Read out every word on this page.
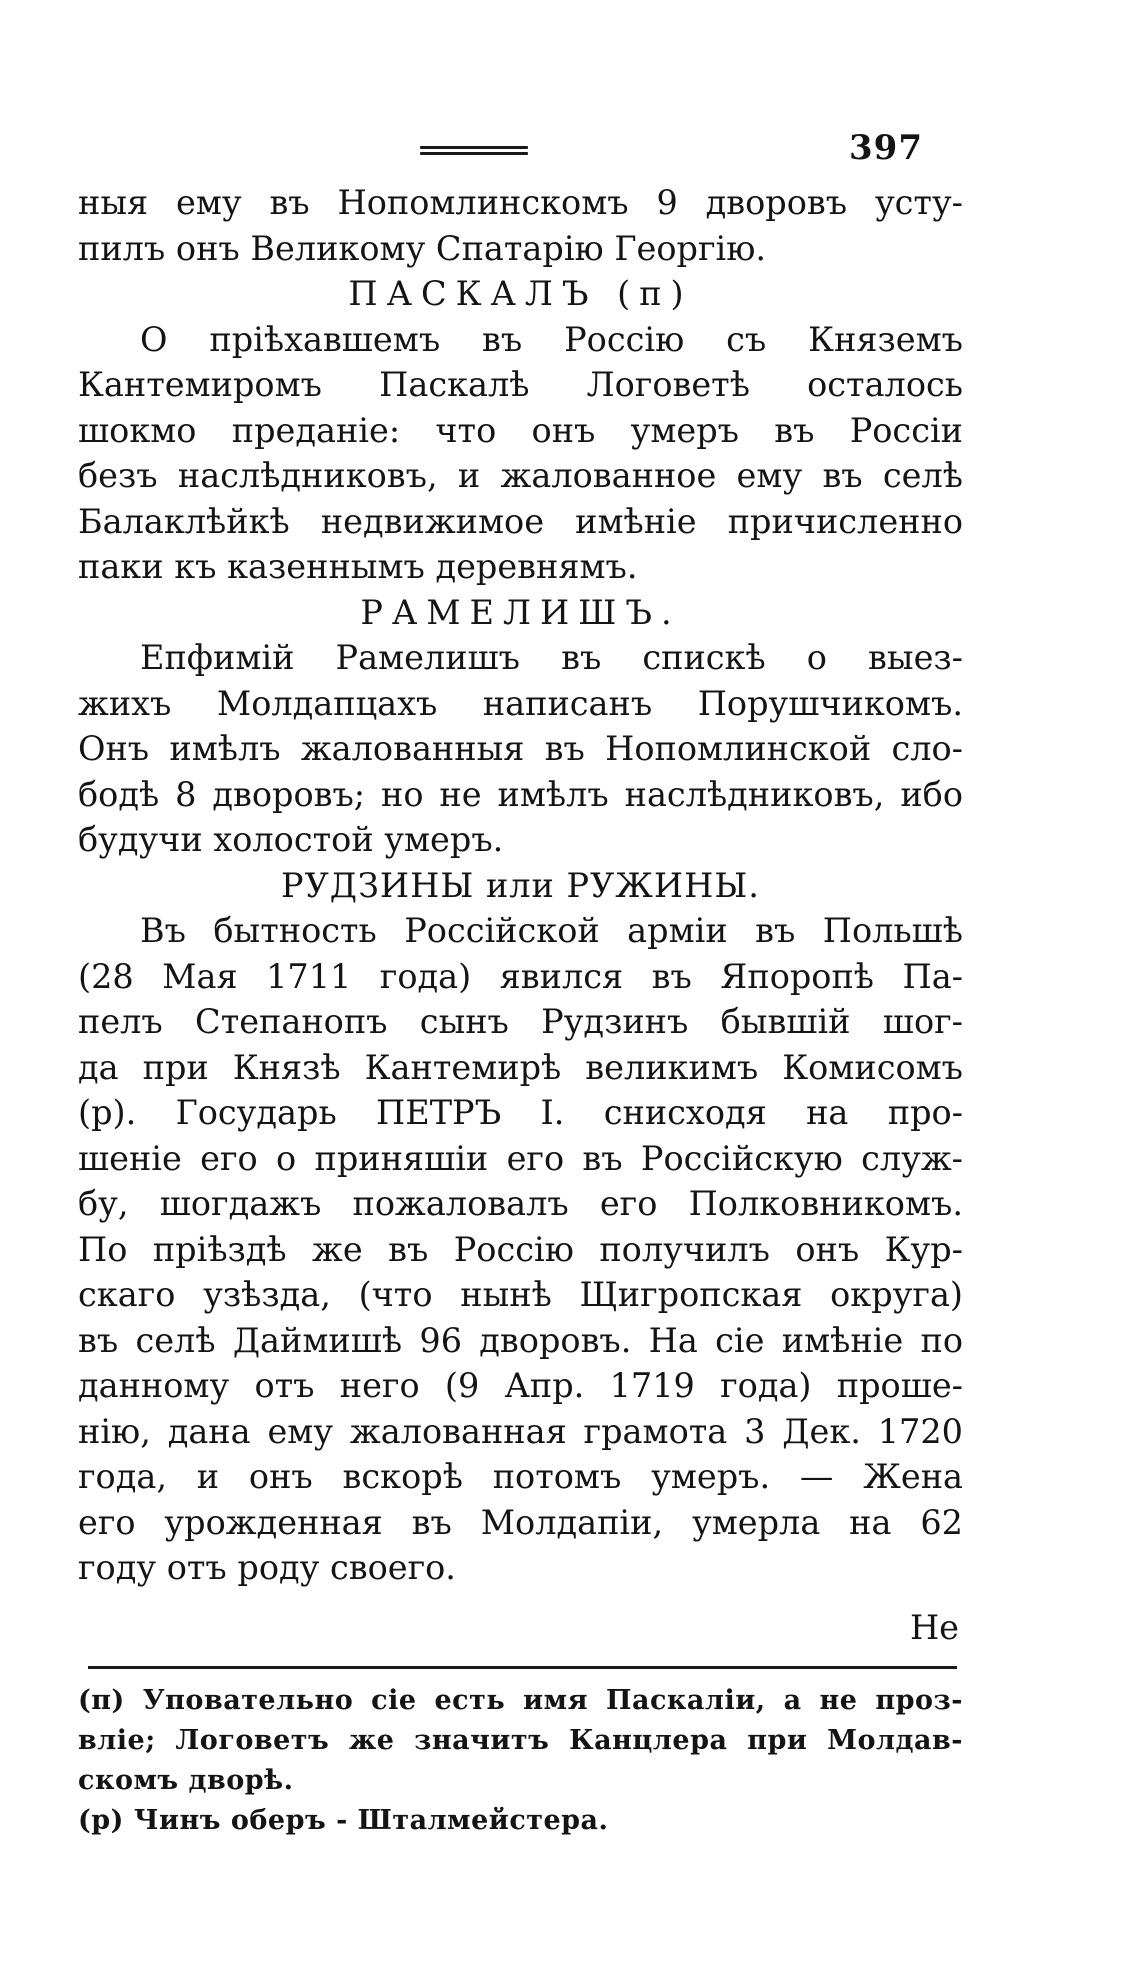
397
ныя ему въ Нопомлинскомъ 9 дворовъ усту-
пилъ онъ Великому Спатарію Георгію.
ПАСКАЛЪ (п)
О пріѣхавшемъ въ Россію съ Княземъ
Кантемиромъ Паскалѣ Логоветѣ осталось
шокмо преданіе: что онъ умеръ въ Россіи
безъ наслѣдниковъ, и жалованное ему въ селѣ
Балаклѣйкѣ недвижимое имѣніе причисленно
паки къ казеннымъ деревнямъ.
РАМЕЛИШЪ.
Епфимій Рамелишъ въ спискѣ о выез-
жихъ Молдапцахъ написанъ Порушчикомъ.
Онъ имѣлъ жалованныя въ Нопомлинской сло-
бодѣ 8 дворовъ; но не имѣлъ наслѣдниковъ, ибо
будучи холостой умеръ.
РУДЗИНЫ или РУЖИНЫ.
Въ бытность Россійской арміи въ Польшѣ
(28 Мая 1711 года) явился въ Япоропѣ Па-
пелъ Степанопъ сынъ Рудзинъ бывшій шог-
да при Князѣ Кантемирѣ великимъ Комисомъ
(р). Государь ПЕТРЪ I. снисходя на про-
шеніе его о приняшіи его въ Россійскую служ-
бу, шогдажъ пожаловалъ его Полковникомъ.
По пріѣздѣ же въ Россію получилъ онъ Кур-
скаго узѣзда, (что нынѣ Щигропская округа)
въ селѣ Даймишѣ 96 дворовъ. На сіе имѣніе по
данному отъ него (9 Апр. 1719 года) проше-
нію, дана ему жалованная грамота 3 Дек. 1720
года, и онъ вскорѣ потомъ умеръ. — Жена
его урожденная въ Молдапіи, умерла на 62
году отъ роду своего.
Не
(п) Уповательно сіе есть имя Паскаліи, а не проз-
вліе; Логоветъ же значитъ Канцлера при Молдав-
скомъ дворѣ.
(р) Чинъ оберъ - Шталмейстера.
